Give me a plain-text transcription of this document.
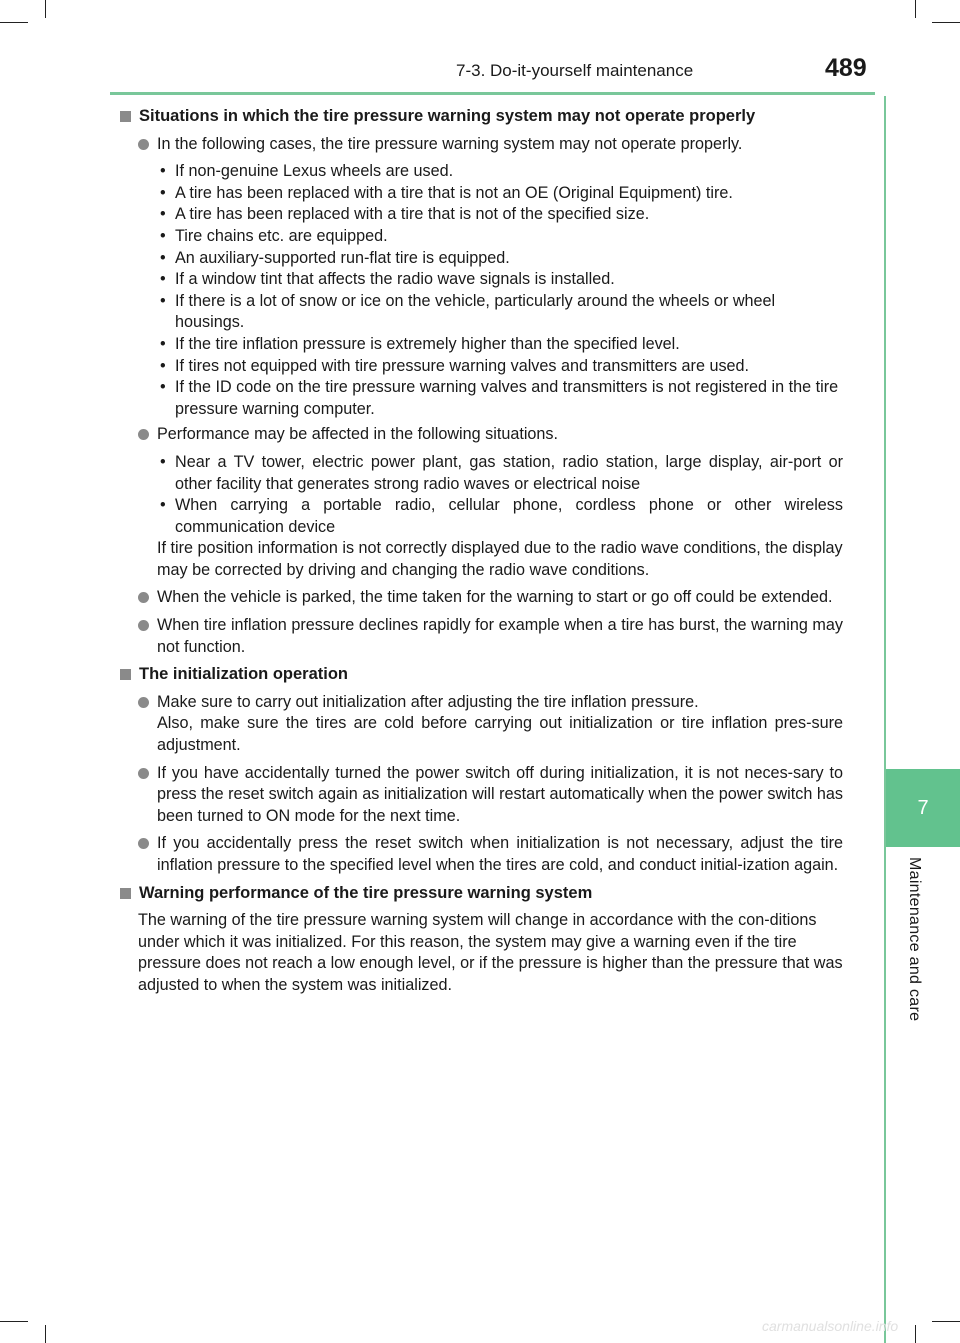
7-3. Do-it-yourself maintenance	489
7
Maintenance and care
Situations in which the tire pressure warning system may not operate properly
In the following cases, the tire pressure warning system may not operate properly.
• If non-genuine Lexus wheels are used.
• A tire has been replaced with a tire that is not an OE (Original Equipment) tire.
• A tire has been replaced with a tire that is not of the specified size.
• Tire chains etc. are equipped.
• An auxiliary-supported run-flat tire is equipped.
• If a window tint that affects the radio wave signals is installed.
• If there is a lot of snow or ice on the vehicle, particularly around the wheels or wheel housings.
• If the tire inflation pressure is extremely higher than the specified level.
• If tires not equipped with tire pressure warning valves and transmitters are used.
• If the ID code on the tire pressure warning valves and transmitters is not registered in the tire pressure warning computer.
Performance may be affected in the following situations.
• Near a TV tower, electric power plant, gas station, radio station, large display, air-port or other facility that generates strong radio waves or electrical noise
• When carrying a portable radio, cellular phone, cordless phone or other wireless communication device
If tire position information is not correctly displayed due to the radio wave conditions, the display may be corrected by driving and changing the radio wave conditions.
When the vehicle is parked, the time taken for the warning to start or go off could be extended.
When tire inflation pressure declines rapidly for example when a tire has burst, the warning may not function.
The initialization operation
Make sure to carry out initialization after adjusting the tire inflation pressure.
Also, make sure the tires are cold before carrying out initialization or tire inflation pres-sure adjustment.
If you have accidentally turned the power switch off during initialization, it is not neces-sary to press the reset switch again as initialization will restart automatically when the power switch has been turned to ON mode for the next time.
If you accidentally press the reset switch when initialization is not necessary, adjust the tire inflation pressure to the specified level when the tires are cold, and conduct initial-ization again.
Warning performance of the tire pressure warning system
The warning of the tire pressure warning system will change in accordance with the con-ditions under which it was initialized. For this reason, the system may give a warning even if the tire pressure does not reach a low enough level, or if the pressure is higher than the pressure that was adjusted to when the system was initialized.
carmanualsonline.info
